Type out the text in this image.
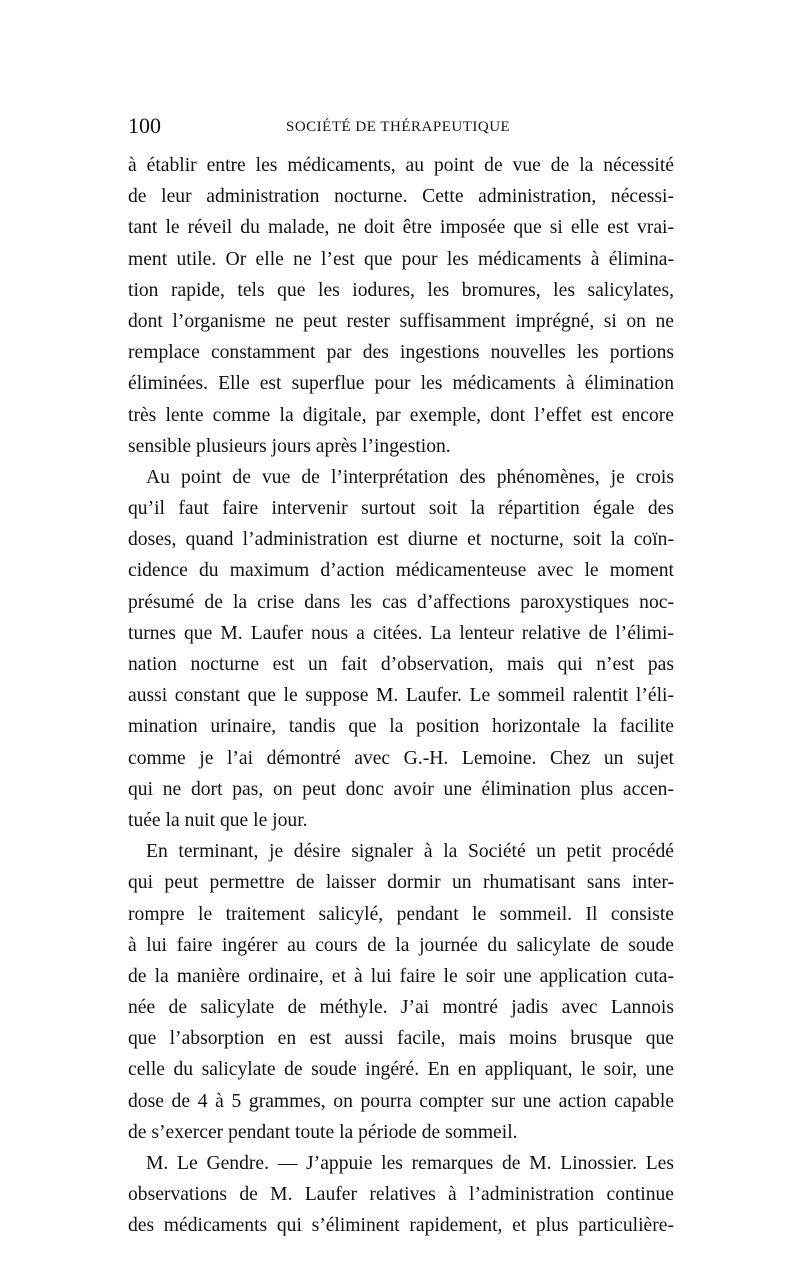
100	SOCIÉTÉ DE THÉRAPEUTIQUE
à établir entre les médicaments, au point de vue de la nécessité
de leur administration nocturne. Cette administration, nécessi-
tant le réveil du malade, ne doit être imposée que si elle est vrai-
ment utile. Or elle ne l’est que pour les médicaments à élimina-
tion rapide, tels que les iodures, les bromures, les salicylates,
dont l’organisme ne peut rester suffisamment imprégné, si on ne
remplace constamment par des ingestions nouvelles les portions
éliminées. Elle est superflue pour les médicaments à élimination
très lente comme la digitale, par exemple, dont l’effet est encore
sensible plusieurs jours après l’ingestion.
Au point de vue de l’interprétation des phénomènes, je crois
qu’il faut faire intervenir surtout soit la répartition égale des
doses, quand l’administration est diurne et nocturne, soit la coïn-
cidence du maximum d’action médicamenteuse avec le moment
présumé de la crise dans les cas d’affections paroxystiques noc-
turnes que M. Laufer nous a citées. La lenteur relative de l’élimi-
nation nocturne est un fait d’observation, mais qui n’est pas
aussi constant que le suppose M. Laufer. Le sommeil ralentit l’éli-
mination urinaire, tandis que la position horizontale la facilite
comme je l’ai démontré avec G.-H. Lemoine. Chez un sujet
qui ne dort pas, on peut donc avoir une élimination plus accen-
tuée la nuit que le jour.
En terminant, je désire signaler à la Société un petit procédé
qui peut permettre de laisser dormir un rhumatisant sans inter-
rompre le traitement salicylé, pendant le sommeil. Il consiste
à lui faire ingérer au cours de la journée du salicylate de soude
de la manière ordinaire, et à lui faire le soir une application cuta-
née de salicylate de méthyle. J’ai montré jadis avec Lannois
que l’absorption en est aussi facile, mais moins brusque que
celle du salicylate de soude ingéré. En en appliquant, le soir, une
dose de 4 à 5 grammes, on pourra compter sur une action capable
de s’exercer pendant toute la période de sommeil.
M. Le Gendre. — J’appuie les remarques de M. Linossier. Les
observations de M. Laufer relatives à l’administration continue
des médicaments qui s’éliminent rapidement, et plus particulière-
